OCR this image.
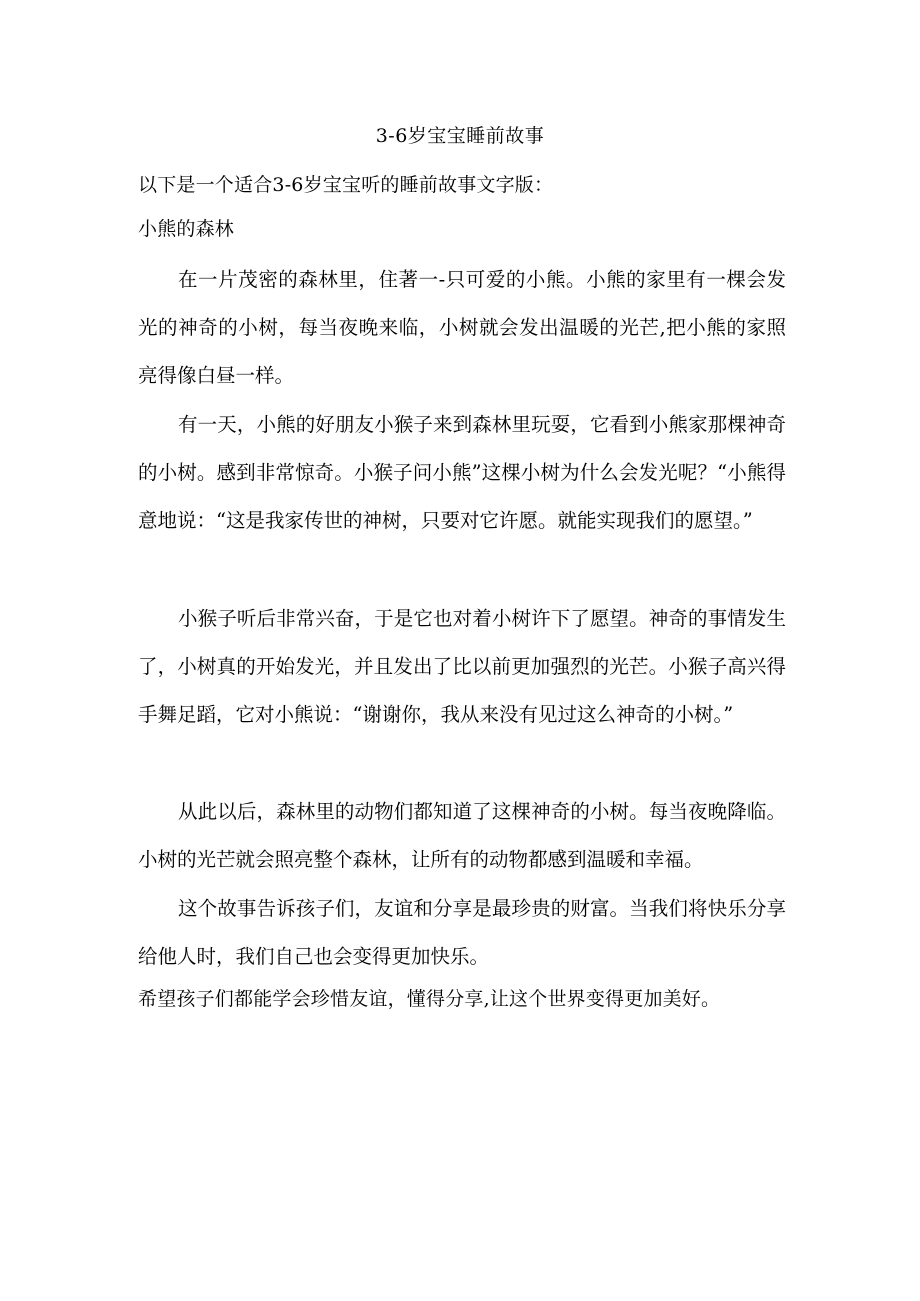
3-6岁宝宝睡前故事
以下是一个适合3-6岁宝宝听的睡前故事文字版：
小熊的森林

在一片茂密的森林里，住著一-只可爱的小熊。小熊的家里有一棵会发光的神奇的小树，每当夜晚来临，小树就会发出温暖的光芒,把小熊的家照亮得像白昼一样。

有一天，小熊的好朋友小猴子来到森林里玩耍，它看到小熊家那棵神奇的小树。感到非常惊奇。小猴子问小熊”这棵小树为什么会发光呢？“小熊得意地说：“这是我家传世的神树，只要对它许愿。就能实现我们的愿望。”

小猴子听后非常兴奋，于是它也对着小树许下了愿望。神奇的事情发生了，小树真的开始发光，并且发出了比以前更加强烈的光芒。小猴子高兴得手舞足蹈，它对小熊说：“谢谢你，我从来没有见过这么神奇的小树。”

从此以后，森林里的动物们都知道了这棵神奇的小树。每当夜晚降临。小树的光芒就会照亮整个森林，让所有的动物都感到温暖和幸福。

这个故事告诉孩子们，友谊和分享是最珍贵的财富。当我们将快乐分享给他人时，我们自己也会变得更加快乐。

希望孩子们都能学会珍惜友谊，懂得分享,让这个世界变得更加美好。
